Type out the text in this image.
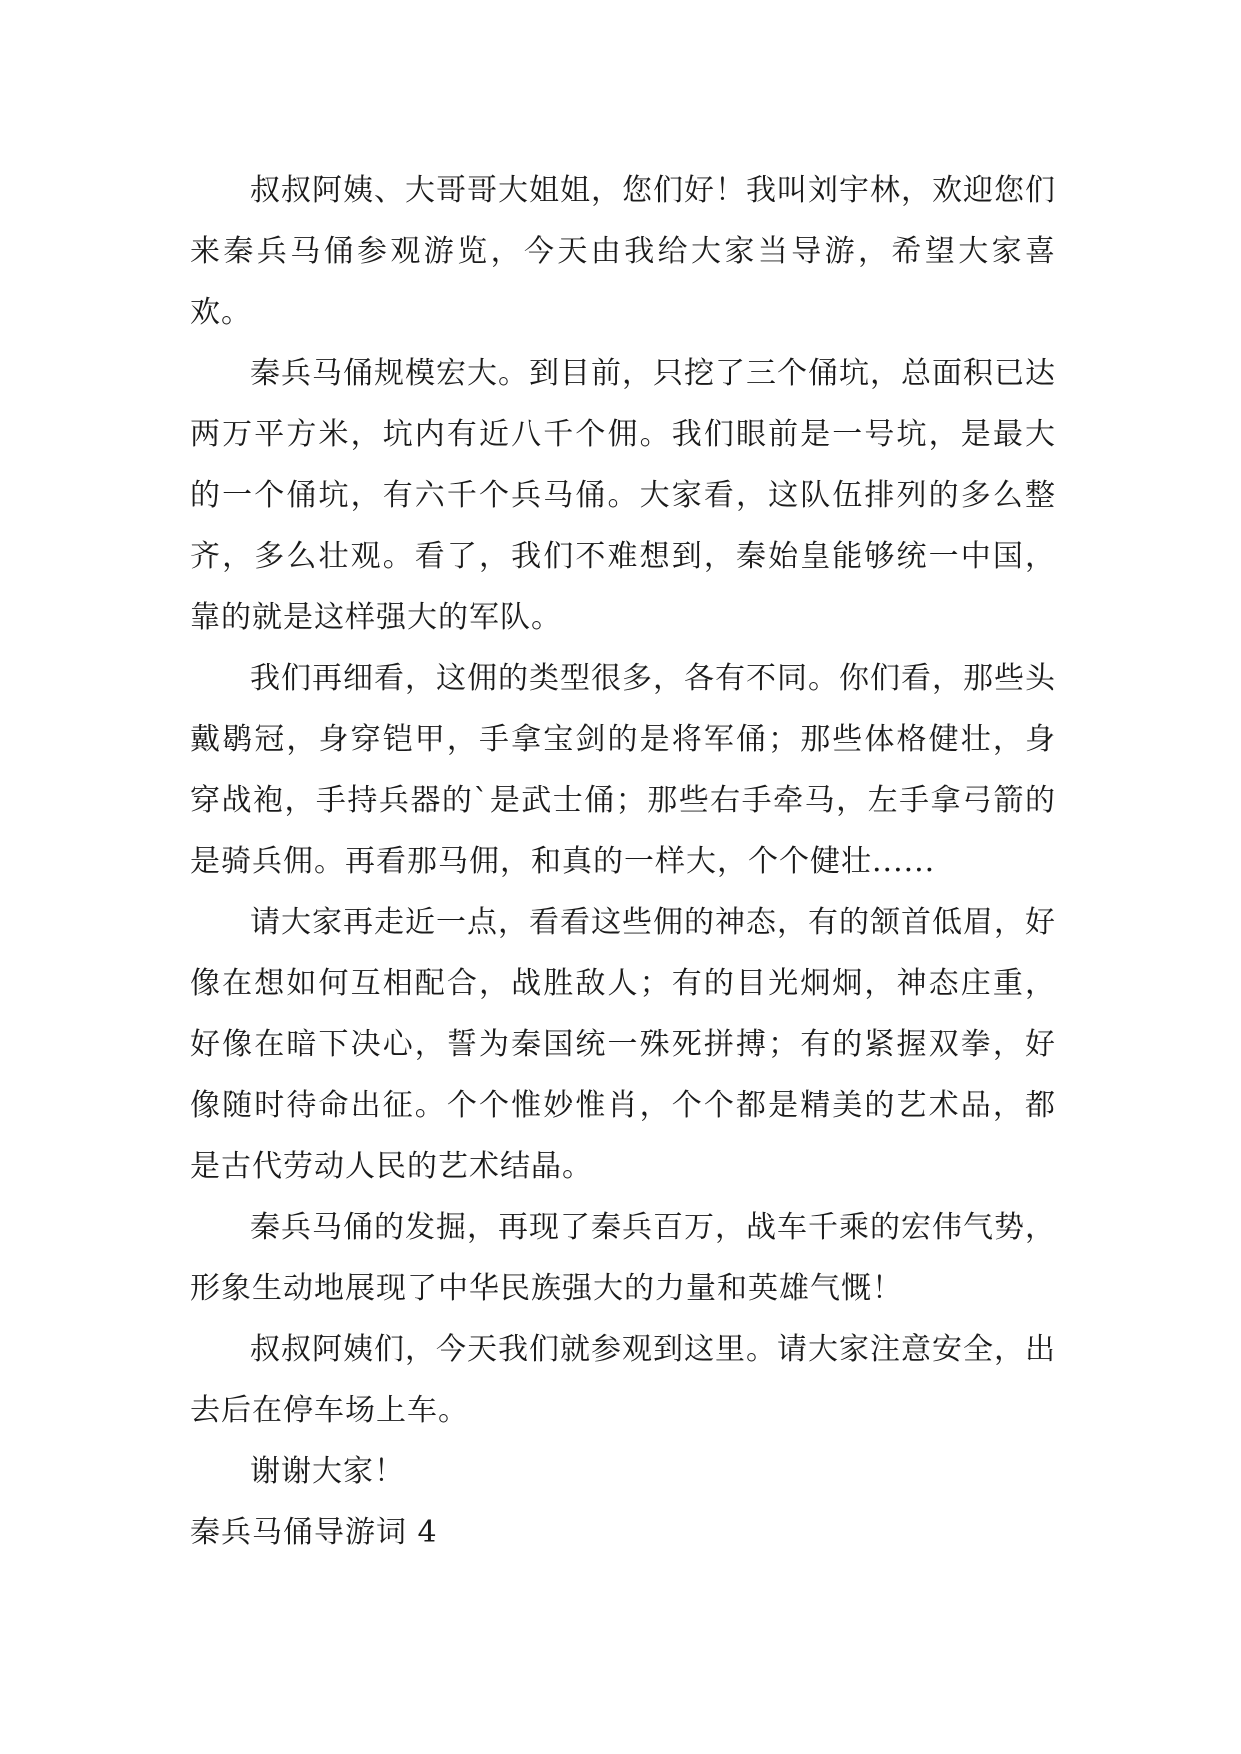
叔叔阿姨、大哥哥大姐姐，您们好！我叫刘宇林，欢迎您们来秦兵马俑参观游览，今天由我给大家当导游，希望大家喜欢。

秦兵马俑规模宏大。到目前，只挖了三个俑坑，总面积已达两万平方米，坑内有近八千个佣。我们眼前是一号坑，是最大的一个俑坑，有六千个兵马俑。大家看，这队伍排列的多么整齐，多么壮观。看了，我们不难想到，秦始皇能够统一中国，靠的就是这样强大的军队。

我们再细看，这佣的类型很多，各有不同。你们看，那些头戴鹖冠，身穿铠甲，手拿宝剑的是将军俑；那些体格健壮，身穿战袍，手持兵器的`是武士俑；那些右手牵马，左手拿弓箭的是骑兵佣。再看那马佣，和真的一样大，个个健壮......

请大家再走近一点，看看这些佣的神态，有的颔首低眉，好像在想如何互相配合，战胜敌人；有的目光炯炯，神态庄重，好像在暗下决心，誓为秦国统一殊死拼搏；有的紧握双拳，好像随时待命出征。个个惟妙惟肖，个个都是精美的艺术品，都是古代劳动人民的艺术结晶。

秦兵马俑的发掘，再现了秦兵百万，战车千乘的宏伟气势，形象生动地展现了中华民族强大的力量和英雄气慨！

叔叔阿姨们，今天我们就参观到这里。请大家注意安全，出去后在停车场上车。

谢谢大家！

秦兵马俑导游词 4
